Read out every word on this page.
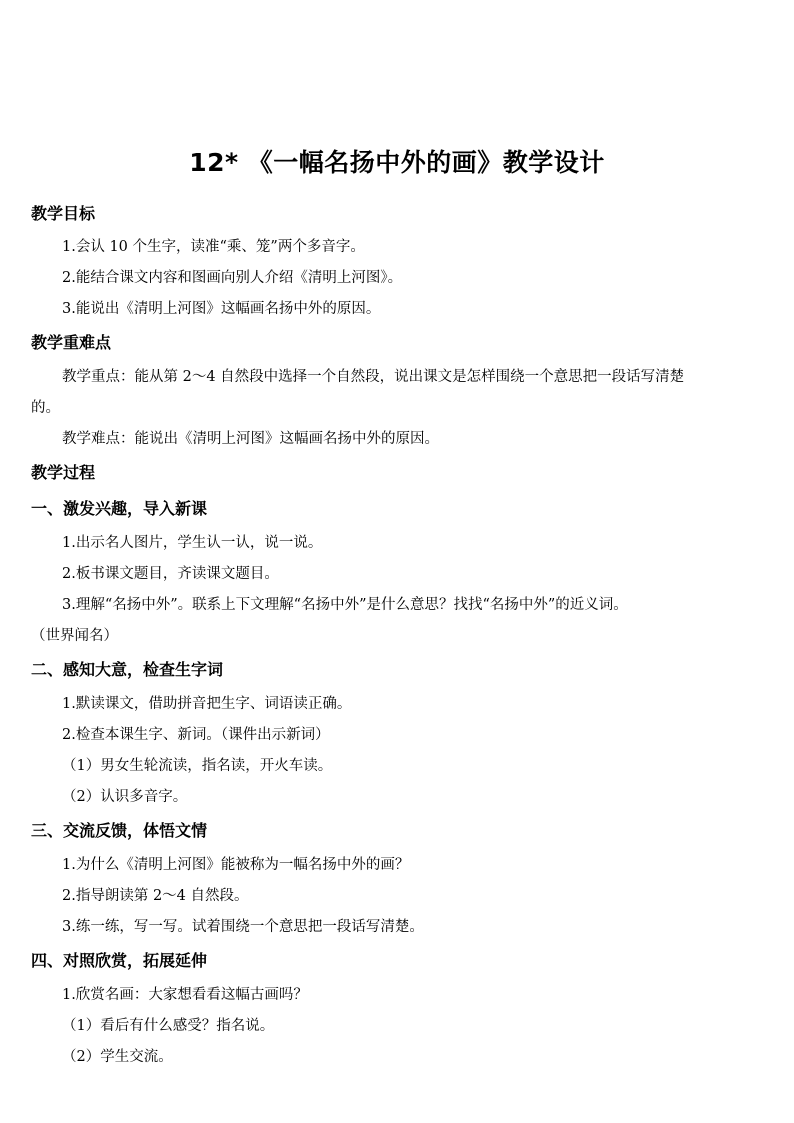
12* 《一幅名扬中外的画》教学设计
教学目标
1.会认 10 个生字，读准“乘、笼”两个多音字。
2.能结合课文内容和图画向别人介绍《清明上河图》。
3.能说出《清明上河图》这幅画名扬中外的原因。
教学重难点
教学重点：能从第 2～4 自然段中选择一个自然段，说出课文是怎样围绕一个意思把一段话写清楚
的。
教学难点：能说出《清明上河图》这幅画名扬中外的原因。
教学过程
一、激发兴趣，导入新课
1.出示名人图片，学生认一认，说一说。
2.板书课文题目，齐读课文题目。
3.理解“名扬中外”。联系上下文理解“名扬中外”是什么意思？找找“名扬中外”的近义词。
（世界闻名）
二、感知大意，检查生字词
1.默读课文，借助拼音把生字、词语读正确。
2.检查本课生字、新词。（课件出示新词）
（1）男女生轮流读，指名读，开火车读。
（2）认识多音字。
三、交流反馈，体悟文情
1.为什么《清明上河图》能被称为一幅名扬中外的画？
2.指导朗读第 2～4 自然段。
3.练一练，写一写。试着围绕一个意思把一段话写清楚。
四、对照欣赏，拓展延伸
1.欣赏名画：大家想看看这幅古画吗？
（1）看后有什么感受？指名说。
（2）学生交流。
